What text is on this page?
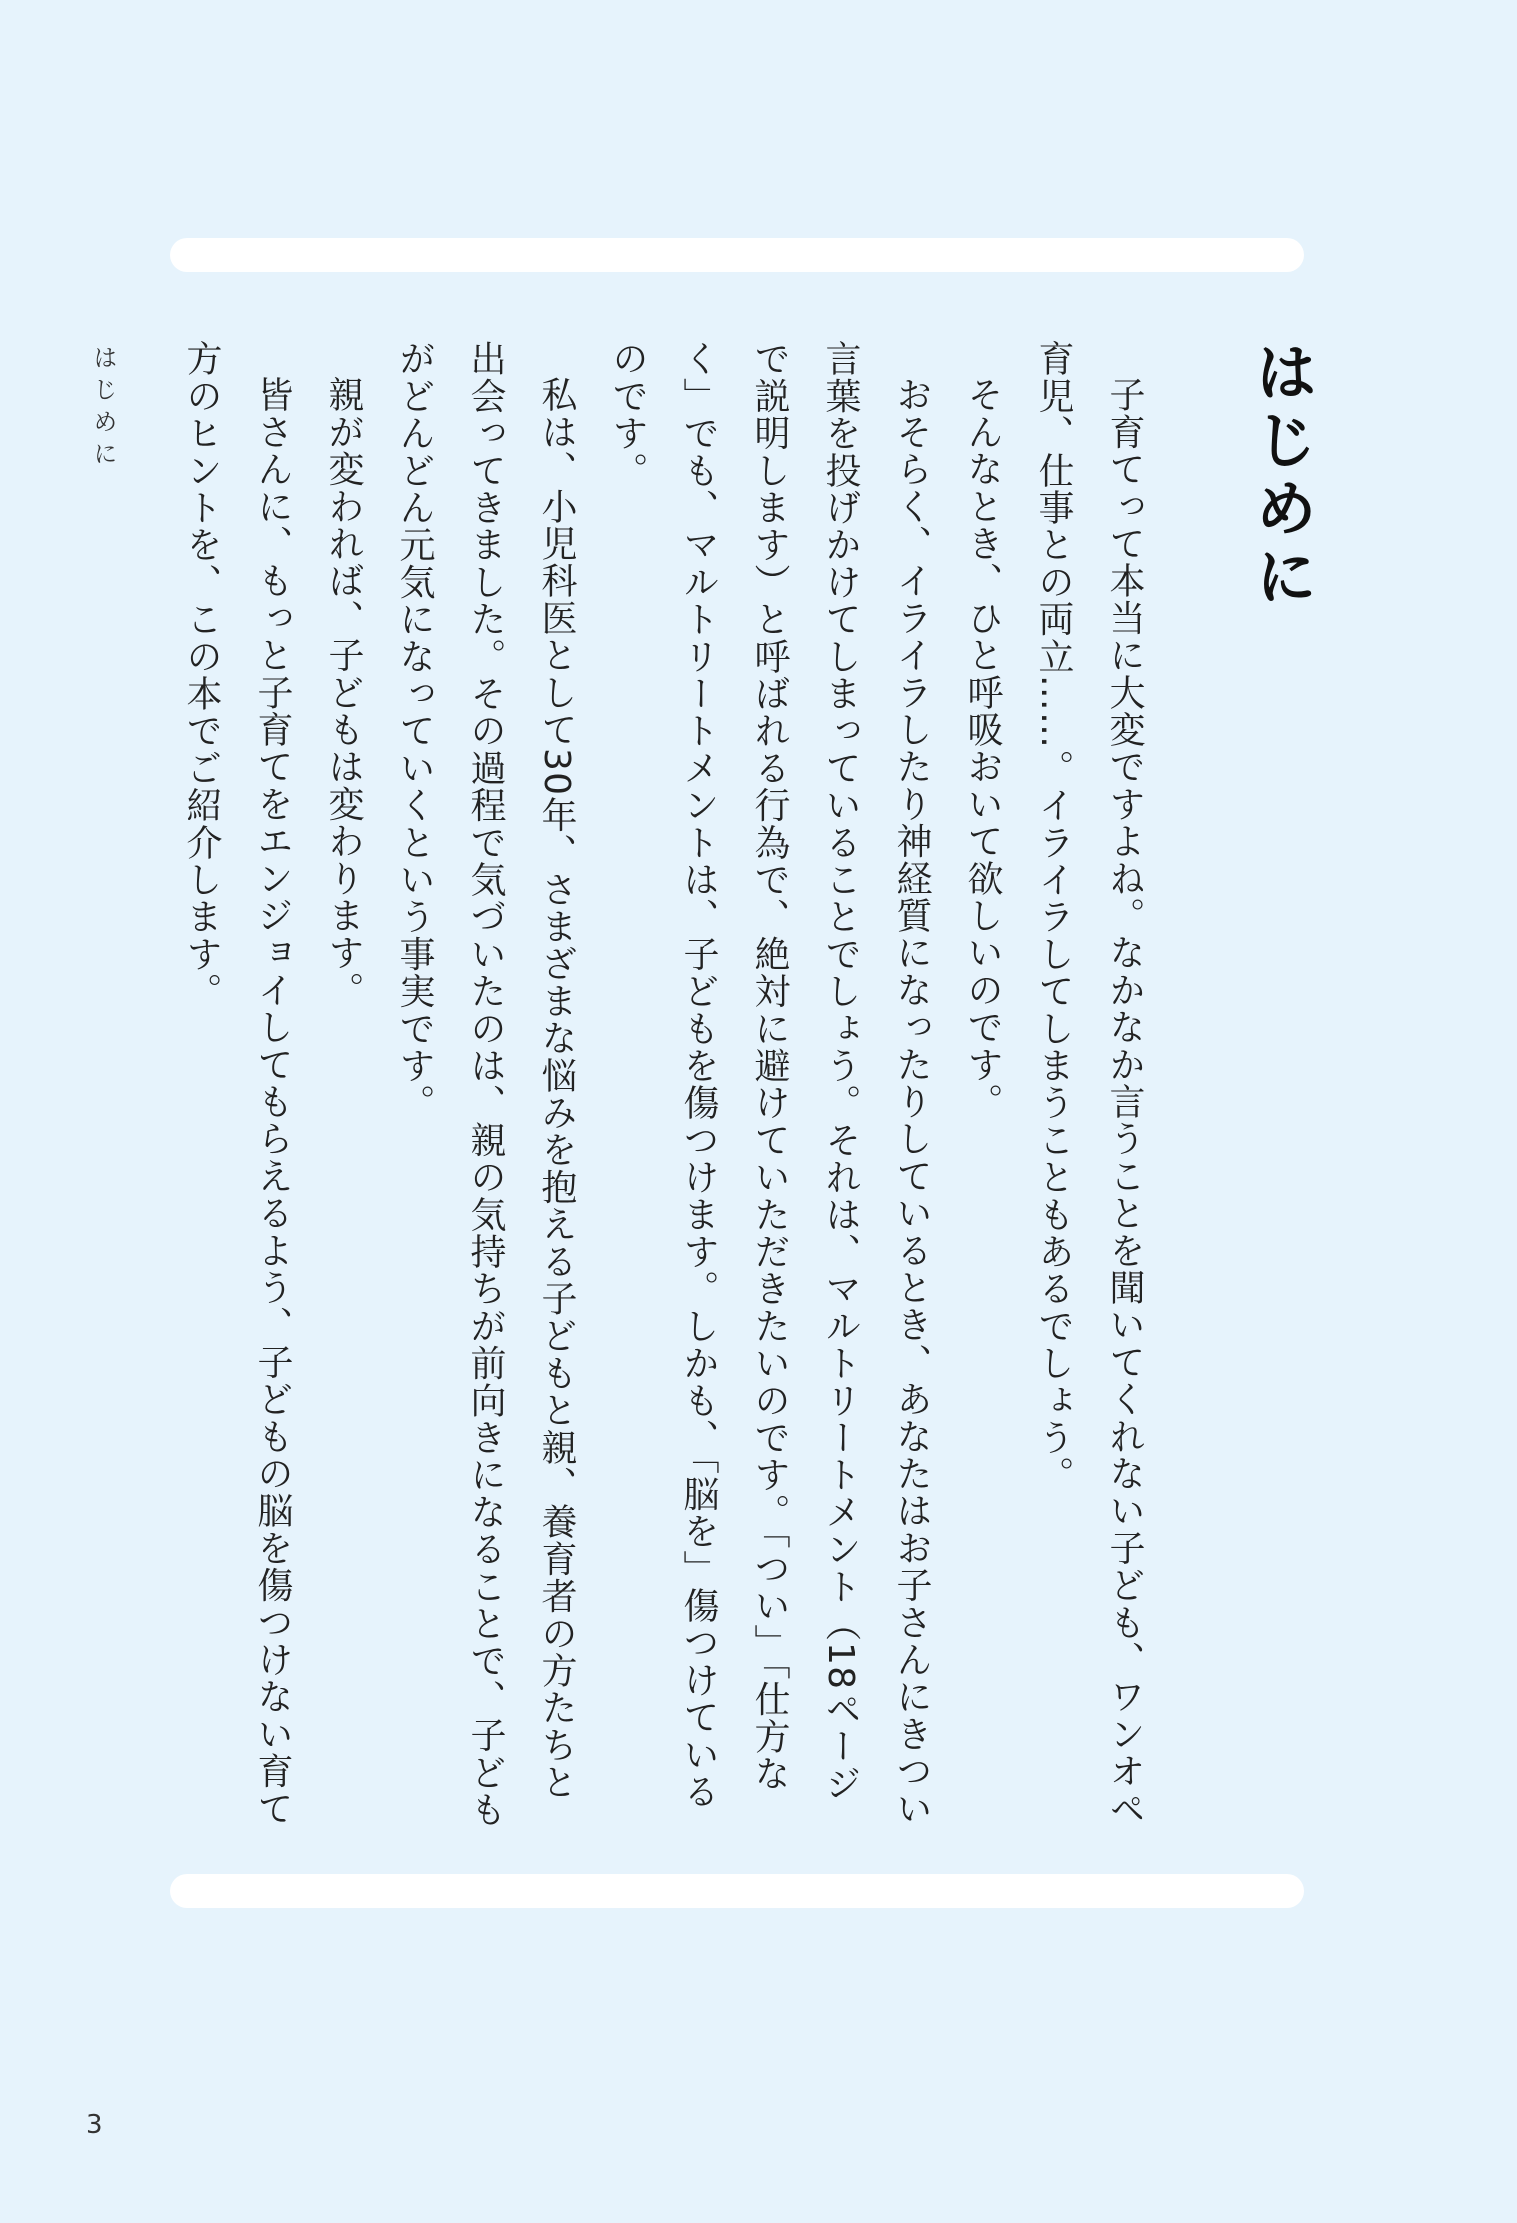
はじめに	はじめに

子育てって本当に大変ですよね。なかなか言うことを聞いてくれない子ども、ワンオペ育児、仕事との両立……。イライラしてしまうこともあるでしょう。

そんなとき、ひと呼吸おいて欲しいのです。

おそらく、イライラしたり神経質になったりしているとき、あなたはお子さんにきつい言葉を投げかけてしまっていることでしょう。それは、マルトリートメント（18ページで説明します）と呼ばれる行為で、絶対に避けていただきたいのです。「つい」「仕方なく」でも、マルトリートメントは、子どもを傷つけます。しかも、「脳を」傷つけているのです。

私は、小児科医として30年、さまざまな悩みを抱える子どもと親、養育者の方たちと出会ってきました。その過程で気づいたのは、親の気持ちが前向きになることで、子どもがどんどん元気になっていくという事実です。

親が変われば、子どもは変わります。

皆さんに、もっと子育てをエンジョイしてもらえるよう、子どもの脳を傷つけない育て方のヒントを、この本でご紹介します。

3
